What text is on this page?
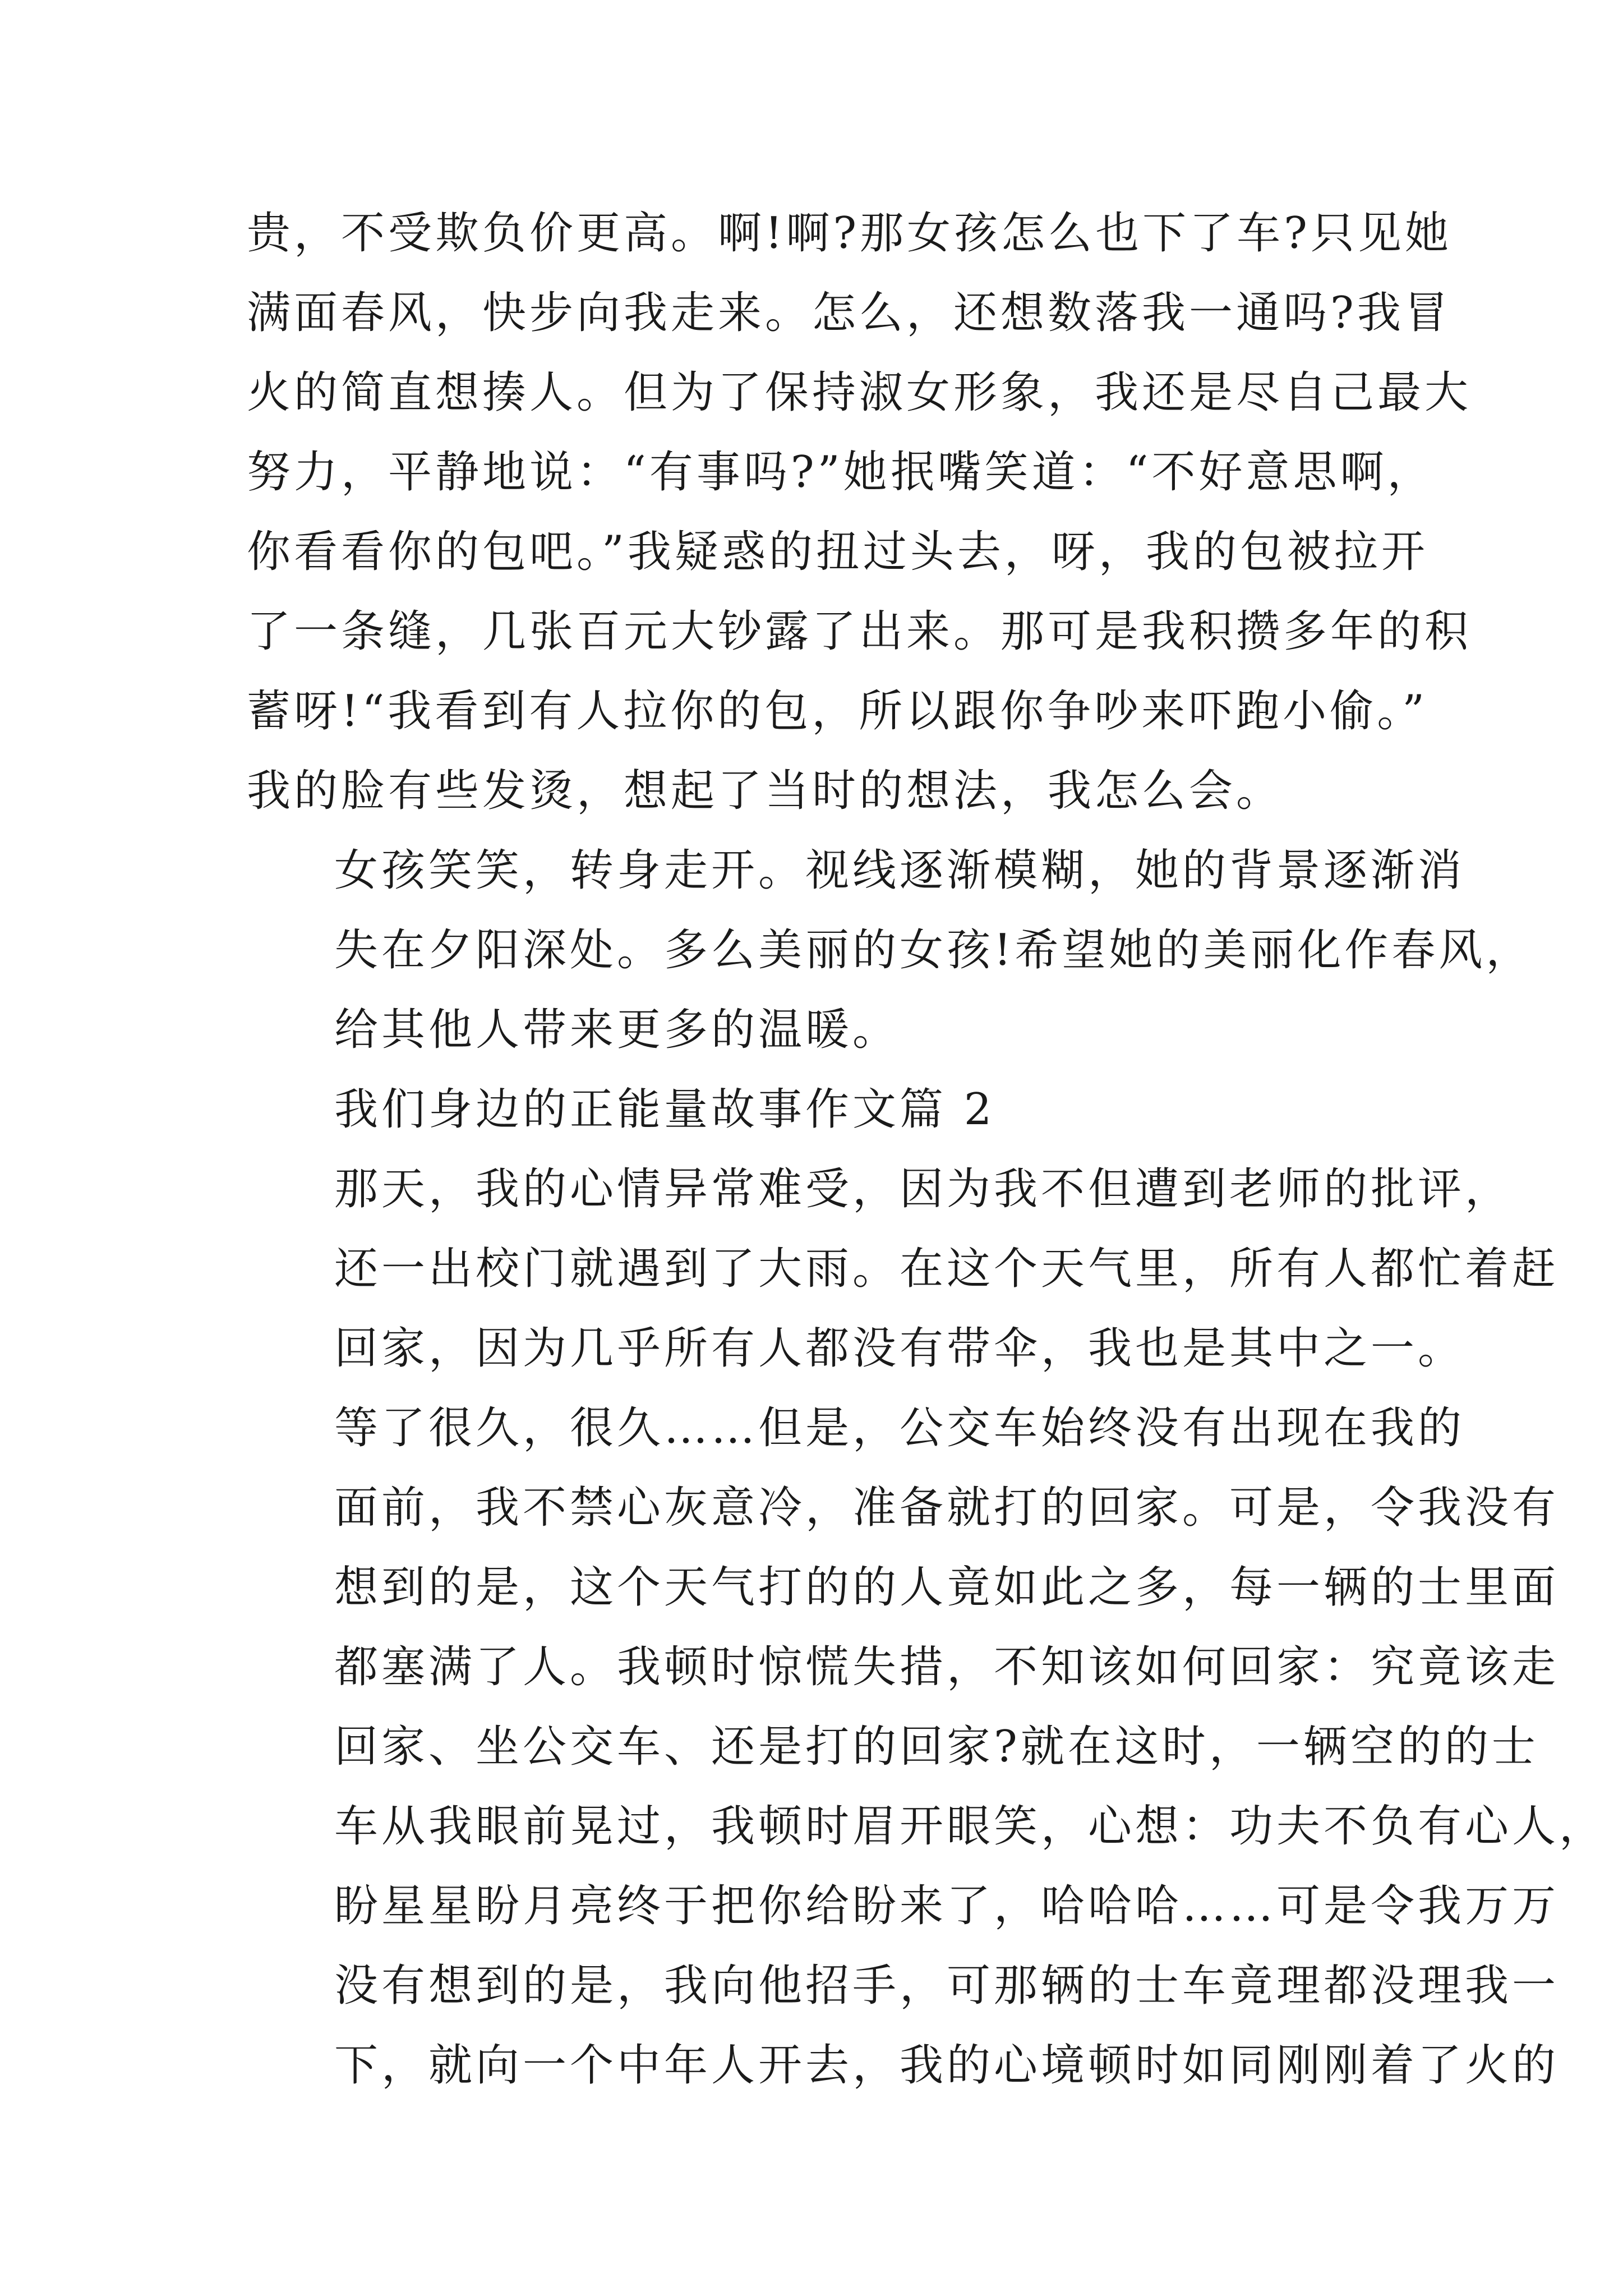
贵，不受欺负价更高。啊!啊?那女孩怎么也下了车?只见她
满面春风，快步向我走来。怎么，还想数落我一通吗?我冒
火的简直想揍人。但为了保持淑女形象，我还是尽自己最大
努力，平静地说：“有事吗?”她抿嘴笑道：“不好意思啊，
你看看你的包吧。”我疑惑的扭过头去，呀，我的包被拉开
了一条缝，几张百元大钞露了出来。那可是我积攒多年的积
蓄呀!“我看到有人拉你的包，所以跟你争吵来吓跑小偷。”
我的脸有些发烫，想起了当时的想法，我怎么会。

女孩笑笑，转身走开。视线逐渐模糊，她的背景逐渐消
失在夕阳深处。多么美丽的女孩!希望她的美丽化作春风，
给其他人带来更多的温暖。

我们身边的正能量故事作文篇 2

那天，我的心情异常难受，因为我不但遭到老师的批评，
还一出校门就遇到了大雨。在这个天气里，所有人都忙着赶
回家，因为几乎所有人都没有带伞，我也是其中之一。

等了很久，很久……但是，公交车始终没有出现在我的
面前，我不禁心灰意冷，准备就打的回家。可是，令我没有
想到的是，这个天气打的的人竟如此之多，每一辆的士里面
都塞满了人。我顿时惊慌失措，不知该如何回家：究竟该走
回家、坐公交车、还是打的回家?就在这时，一辆空的的士
车从我眼前晃过，我顿时眉开眼笑，心想：功夫不负有心人，
盼星星盼月亮终于把你给盼来了，哈哈哈……可是令我万万
没有想到的是，我向他招手，可那辆的士车竟理都没理我一
下，就向一个中年人开去，我的心境顿时如同刚刚着了火的
